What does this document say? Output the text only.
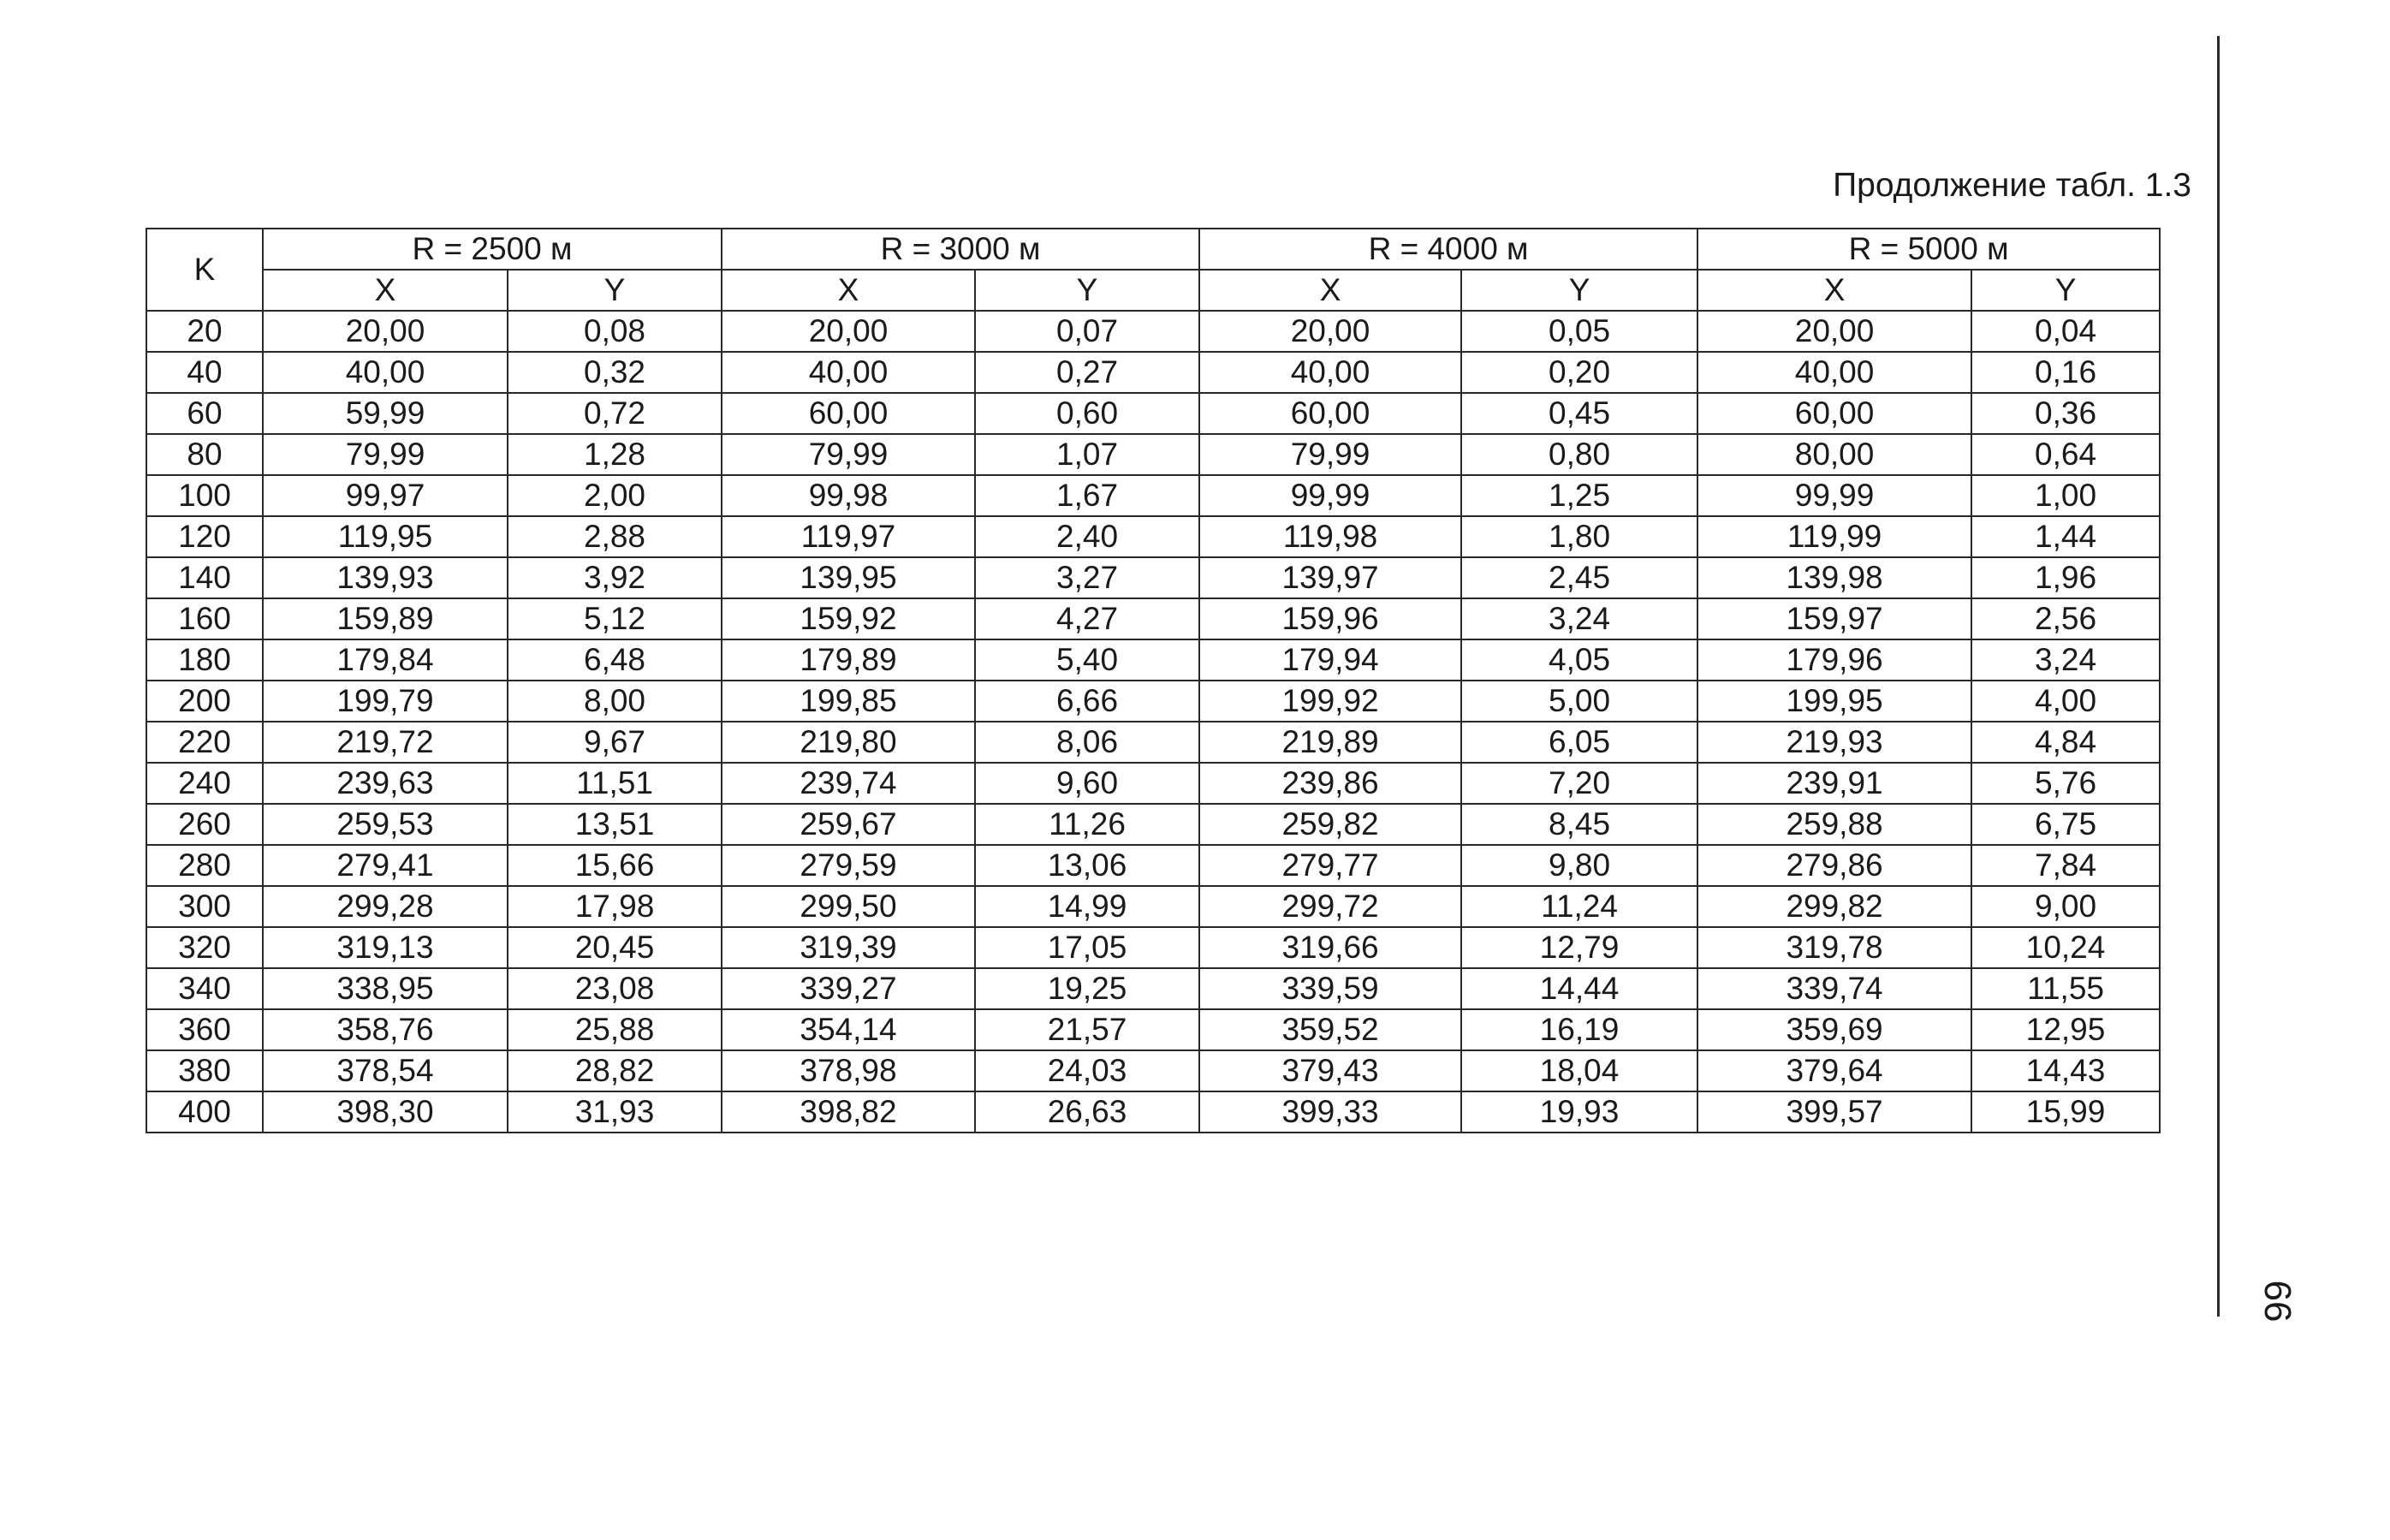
Продолжение табл. 1.3
66
K	R = 2500 м		R = 3000 м		R = 4000 м		R = 5000 м	
	X	Y	X	Y	X	Y	X	Y
20	20,00	0,08	20,00	0,07	20,00	0,05	20,00	0,04
40	40,00	0,32	40,00	0,27	40,00	0,20	40,00	0,16
60	59,99	0,72	60,00	0,60	60,00	0,45	60,00	0,36
80	79,99	1,28	79,99	1,07	79,99	0,80	80,00	0,64
100	99,97	2,00	99,98	1,67	99,99	1,25	99,99	1,00
120	119,95	2,88	119,97	2,40	119,98	1,80	119,99	1,44
140	139,93	3,92	139,95	3,27	139,97	2,45	139,98	1,96
160	159,89	5,12	159,92	4,27	159,96	3,24	159,97	2,56
180	179,84	6,48	179,89	5,40	179,94	4,05	179,96	3,24
200	199,79	8,00	199,85	6,66	199,92	5,00	199,95	4,00
220	219,72	9,67	219,80	8,06	219,89	6,05	219,93	4,84
240	239,63	11,51	239,74	9,60	239,86	7,20	239,91	5,76
260	259,53	13,51	259,67	11,26	259,82	8,45	259,88	6,75
280	279,41	15,66	279,59	13,06	279,77	9,80	279,86	7,84
300	299,28	17,98	299,50	14,99	299,72	11,24	299,82	9,00
320	319,13	20,45	319,39	17,05	319,66	12,79	319,78	10,24
340	338,95	23,08	339,27	19,25	339,59	14,44	339,74	11,55
360	358,76	25,88	354,14	21,57	359,52	16,19	359,69	12,95
380	378,54	28,82	378,98	24,03	379,43	18,04	379,64	14,43
400	398,30	31,93	398,82	26,63	399,33	19,93	399,57	15,99
